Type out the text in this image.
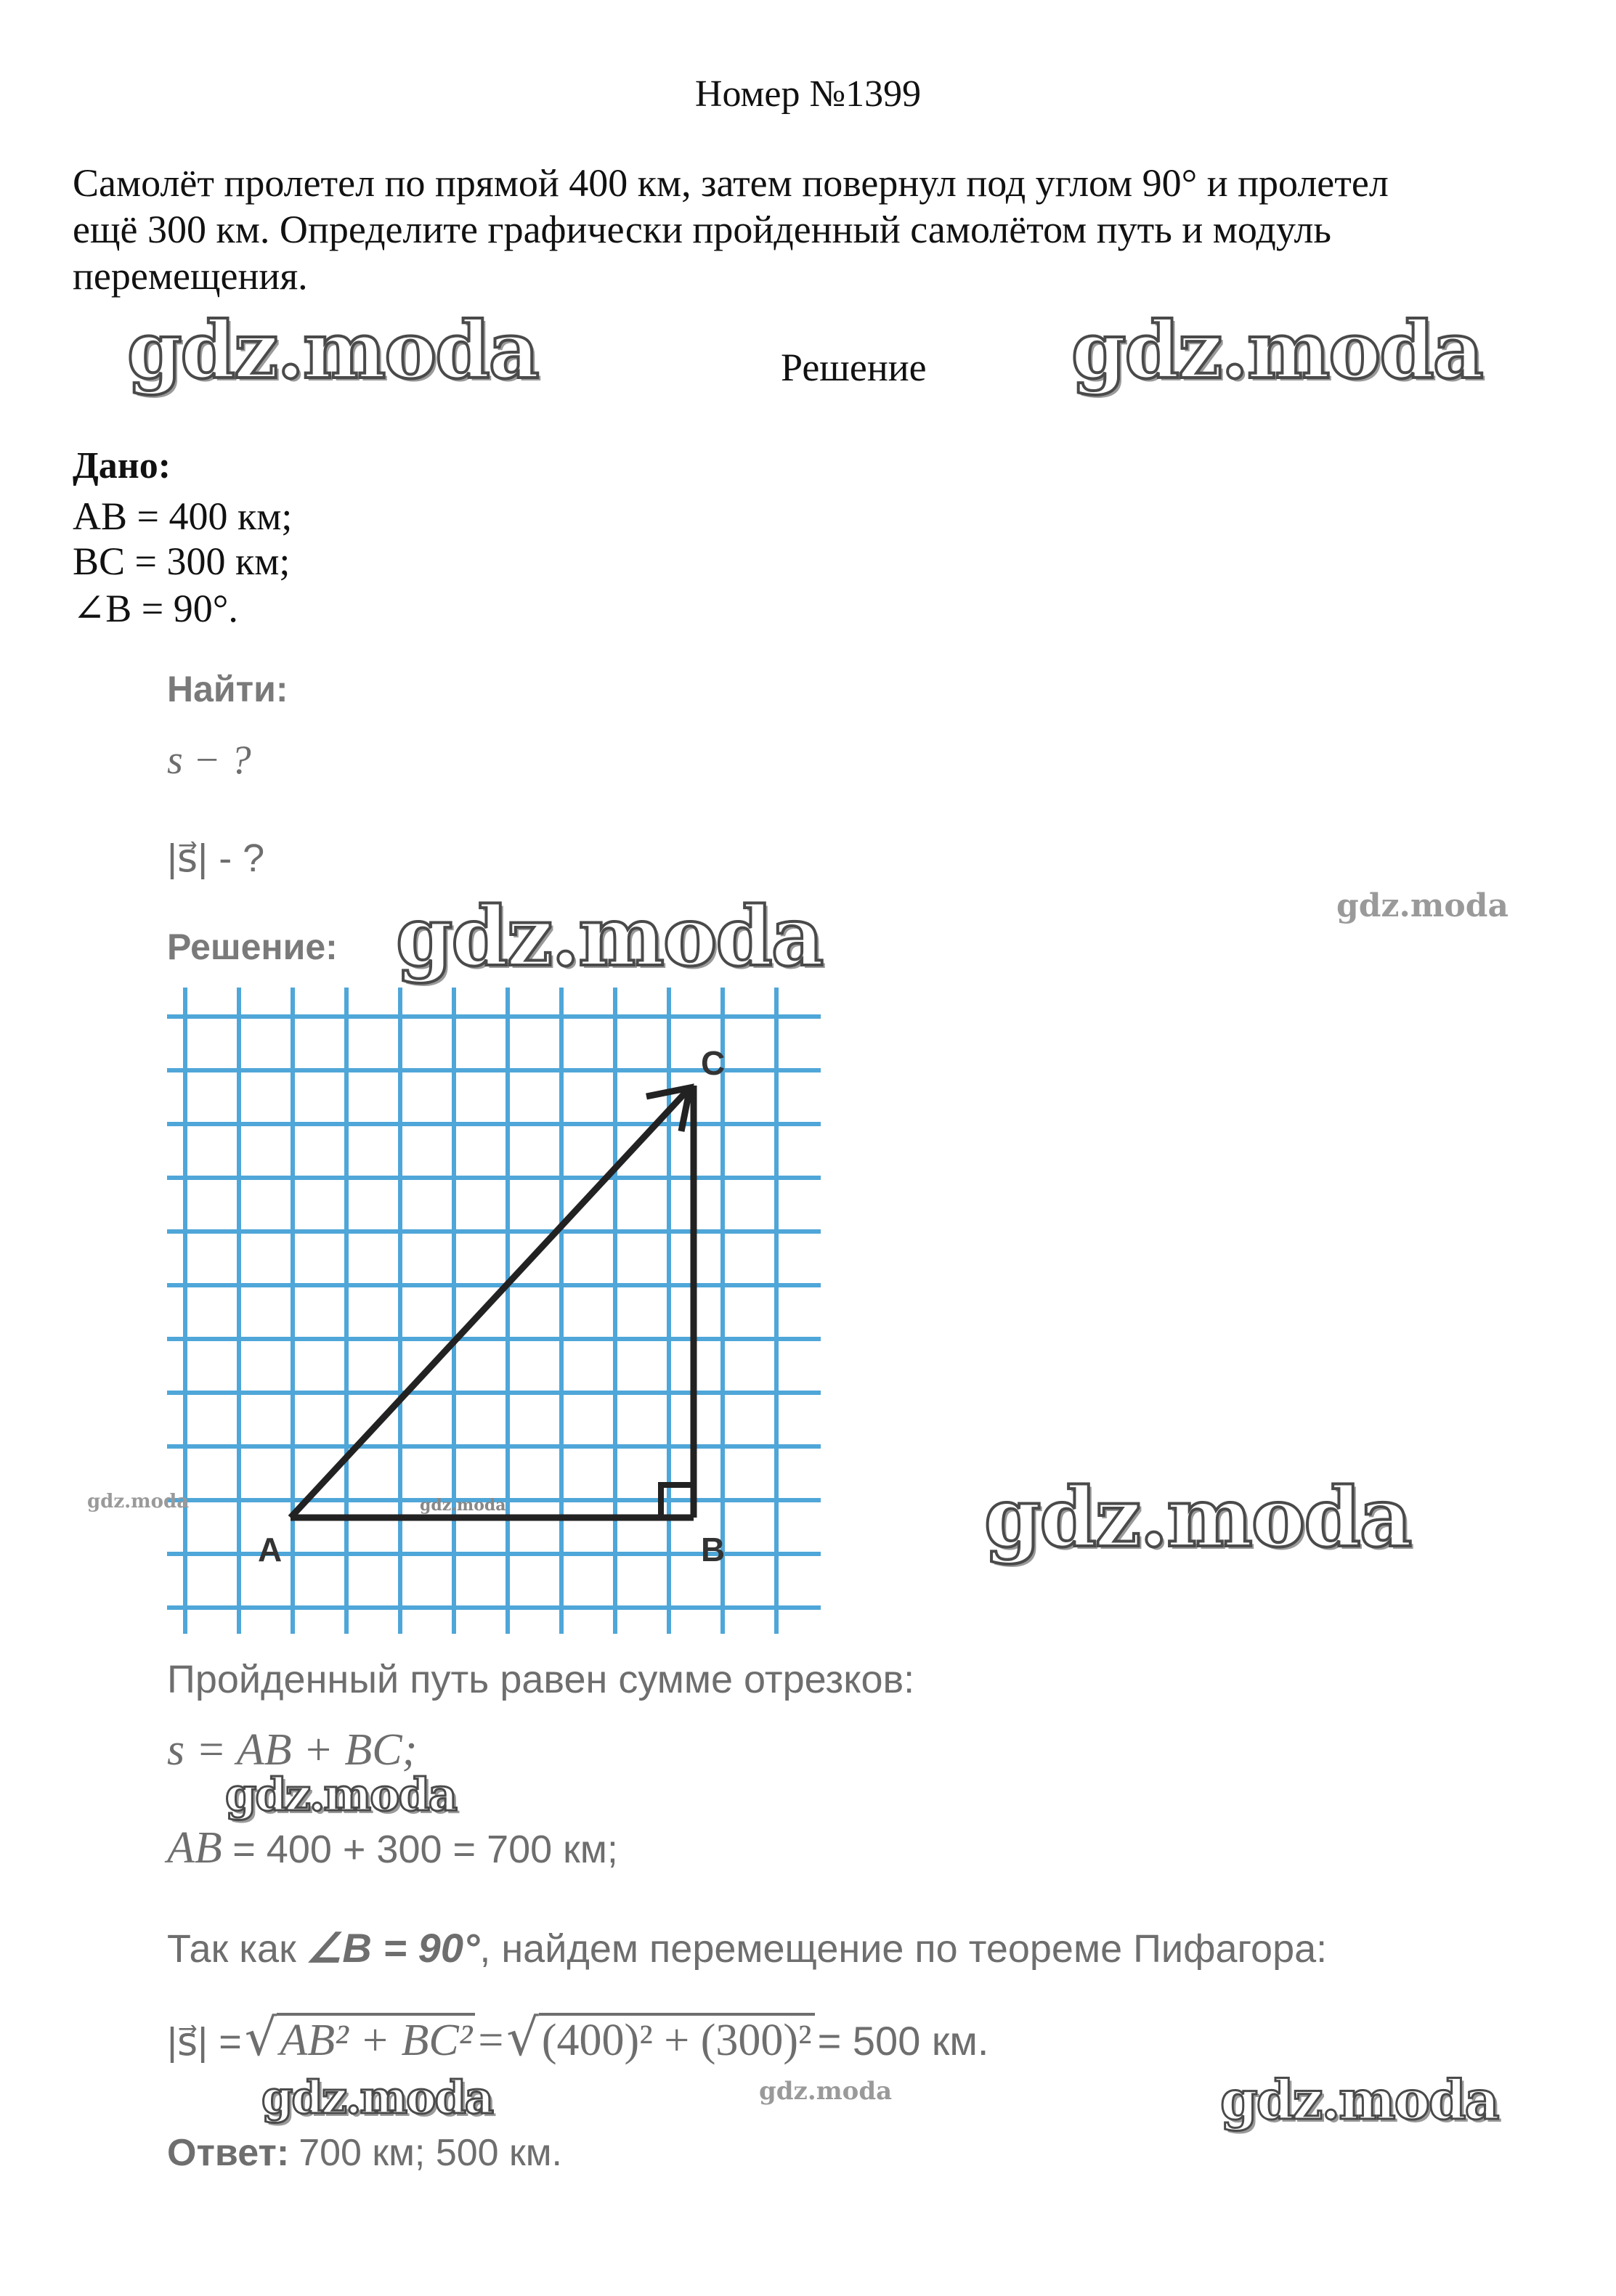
Номер №1399

Самолёт пролетел по прямой 400 км, затем повернул под углом 90° и пролетел

ещё 300 км. Определите графически пройденный самолётом путь и модуль

перемещения.

gdz.moda	Решение gdz.moda
Дано:
AB = 400 км;
BC = 300 км;
∠B = 90°.
Найти:
s − ?
|s⃗| - ?
Решение: gdz.moda	gdz.moda
A	B
C
gdz.moda
gdz.moda	gdz.moda
Пройденный путь равен сумме отрезков:
s = AB + BC;
gdz.moda
AB = 400 + 300 = 700 км;
Так как ∠B = 90°, найдем перемещение по теореме Пифагора:
|s⃗| = √AB² + BC² = √(400)² + (300)² = 500 км.
gdz.moda	gdz.moda	gdz.moda
Ответ: 700 км; 500 км.
